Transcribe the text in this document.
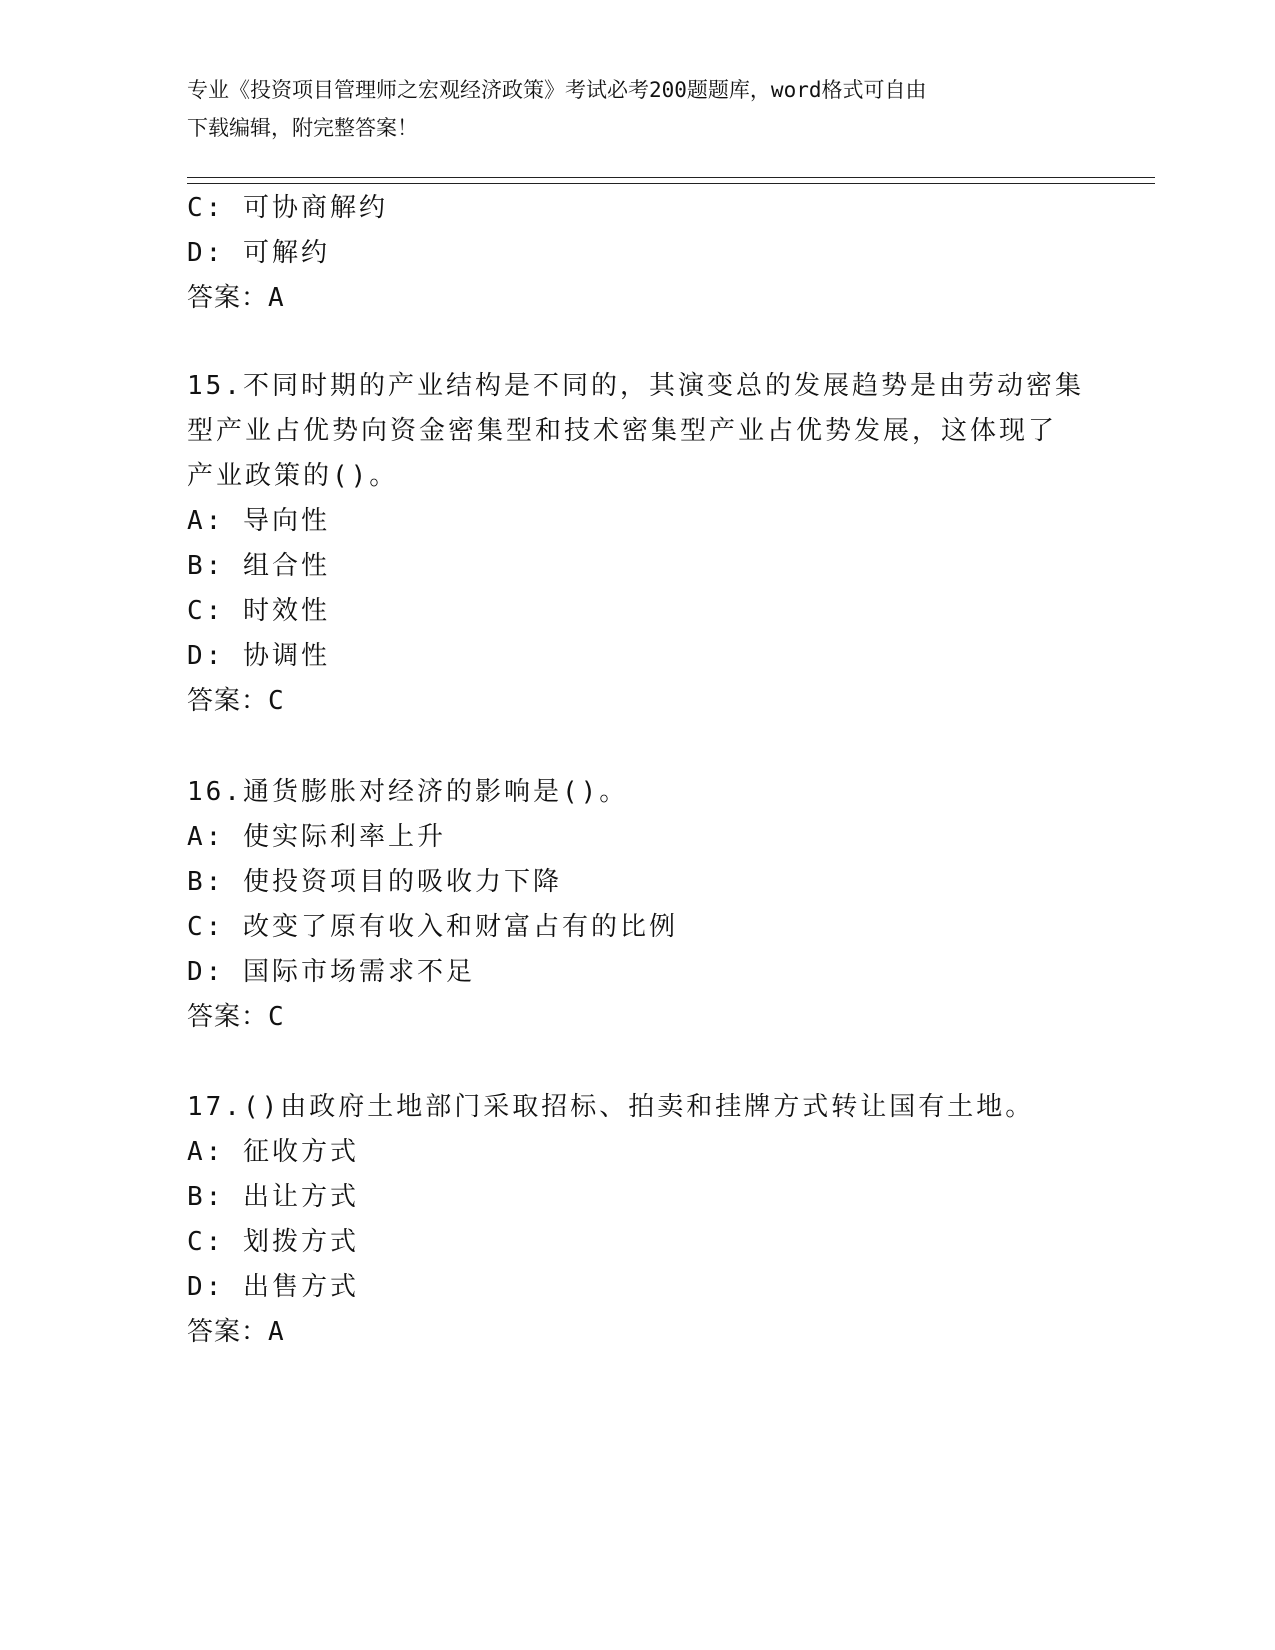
专业《投资项目管理师之宏观经济政策》考试必考200题题库，word格式可自由
下载编辑，附完整答案！
C: 可协商解约
D: 可解约
答案：A
15.不同时期的产业结构是不同的，其演变总的发展趋势是由劳动密集
型产业占优势向资金密集型和技术密集型产业占优势发展，这体现了
产业政策的()。
A: 导向性
B: 组合性
C: 时效性
D: 协调性
答案：C
16.通货膨胀对经济的影响是()。
A: 使实际利率上升
B: 使投资项目的吸收力下降
C: 改变了原有收入和财富占有的比例
D: 国际市场需求不足
答案：C
17.()由政府土地部门采取招标、拍卖和挂牌方式转让国有土地。
A: 征收方式
B: 出让方式
C: 划拨方式
D: 出售方式
答案：A
